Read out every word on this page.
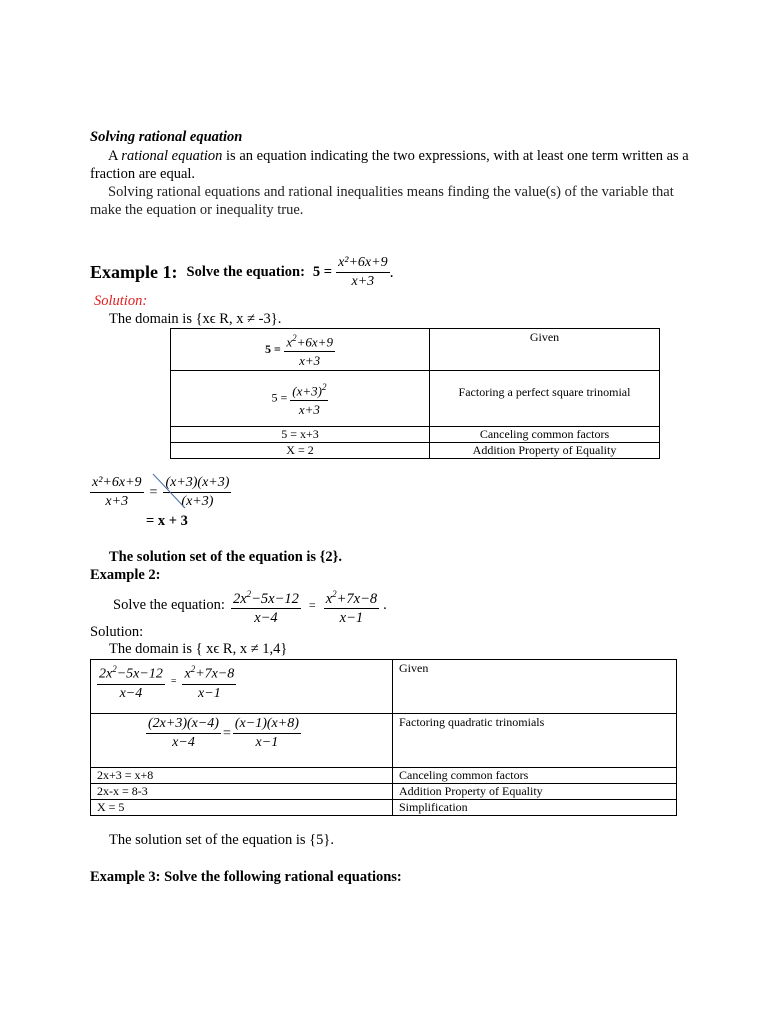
Solving rational equation
A rational equation is an equation indicating the two expressions, with at least one term written as a fraction are equal.
Solving rational equations and rational inequalities means finding the value(s) of the variable that make the equation or inequality true.
Example 1: Solve the equation: $5 = \frac{\text{x²+6x+9}}{x+3}$ .
Solution:
The domain is {xϵ R, x ≠ -3}.
$5 = \frac{x^2+6x+9}{x+3}$	Given
$5 = \frac{(x+3)^2}{x+3}$	Factoring a perfect square trinomial
5 = x+3	Canceling common factors
X = 2	Addition Property of Equality
$\frac{\text{x²+6x+9}}{x+3} = \frac{(x+3)(x+3)}{(x+3)}$
= x + 3
The solution set of the equation is {2}.
Example 2:
Solve the equation: $\frac{2x^2-5x-12}{x-4} = \frac{x^2+7x-8}{x-1}$ .
Solution:
The domain is { xϵ R, x ≠ 1,4}
$\frac{2x^2-5x-12}{x-4} = \frac{x^2+7x-8}{x-1}$	Given

$\frac{(2x+3)(x-4)}{x-4} = \frac{(x-1)(x+8)}{x-1}$	Factoring quadratic trinomials
2x+3 = x+8	Canceling common factors
2x-x = 8-3	Addition Property of Equality
X = 5	Simplification
The solution set of the equation is {5}.
Example 3: Solve the following rational equations:
